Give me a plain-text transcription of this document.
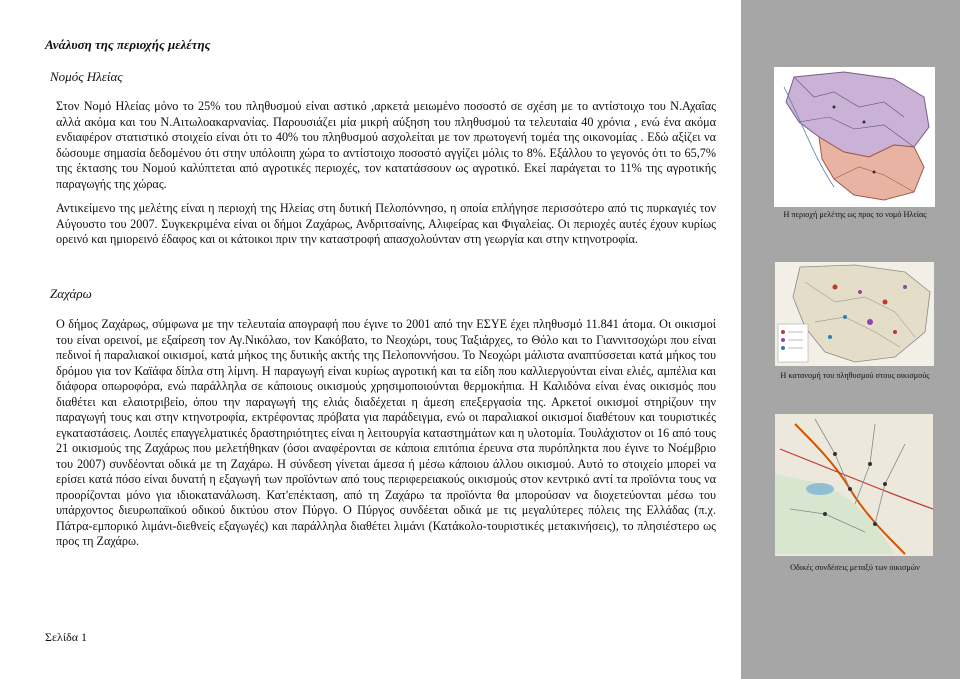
Ανάλυση της περιοχής μελέτης
Νομός Ηλείας

Στον Νομό Ηλείας μόνο το 25% του πληθυσμού είναι αστικό ,αρκετά μειωμένο ποσοστό σε σχέση με το αντίστοιχο του Ν.Αχαΐας αλλά ακόμα και του Ν.Αιτωλοακαρνανίας. Παρουσιάζει μία μικρή αύξηση του πληθυσμού τα τελευταία 40 χρόνια , ενώ ένα ακόμα ενδιαφέρον στατιστικό στοιχείο είναι ότι το 40% του πληθυσμού ασχολείται με τον πρωτογενή τομέα της οικονομίας . Εδώ αξίζει να δώσουμε σημασία δεδομένου ότι στην υπόλοιπη χώρα το αντίστοιχο ποσοστό αγγίζει μόλις το 8%. Εξάλλου το γεγονός ότι το 65,7% της έκτασης του Νομού καλύπτεται από αγροτικές περιοχές, τον κατατάσσουν ως αγροτικό. Εκεί παράγεται το 11% της αγροτικής παραγωγής της χώρας.

Αντικείμενο της μελέτης είναι η περιοχή της Ηλείας στη δυτική Πελοπόννησο, η οποία επλήγησε περισσότερο από τις πυρκαγιές τον Αύγουστο του 2007. Συγκεκριμένα είναι οι δήμοι Ζαχάρως, Ανδριτσαίνης, Αλιφείρας και Φιγαλείας. Οι περιοχές αυτές έχουν κυρίως ορεινό και ημιορεινό έδαφος και οι κάτοικοι πριν την καταστροφή απασχολούνταν στη γεωργία και στην κτηνοτροφία.

Ζαχάρω

Ο δήμος Ζαχάρως, σύμφωνα με την τελευταία απογραφή που έγινε το 2001 από την ΕΣΥΕ έχει πληθυσμό 11.841 άτομα. Οι οικισμοί του είναι ορεινοί, με εξαίρεση τον Αγ.Νικόλαο, τον Κακόβατο, το Νεοχώρι, τους Ταξιάρχες, το Θόλο και το Γιαννιτσοχώρι που είναι πεδινοί ή παραλιακοί οικισμοί, κατά μήκος της δυτικής ακτής της Πελοποννήσου. Το Νεοχώρι μάλιστα αναπτύσσεται κατά μήκος του δρόμου για τον Καϊάφα δίπλα στη λίμνη. Η παραγωγή είναι κυρίως αγροτική και τα είδη που καλλιεργούνται είναι ελιές, αμπέλια και διάφορα οπωροφόρα, ενώ παράλληλα σε κάποιους οικισμούς χρησιμοποιούνται θερμοκήπια. Η Καλιδόνα είναι ένας οικισμός που διαθέτει και ελαιοτριβείο, όπου την παραγωγή της ελιάς διαδέχεται η άμεση επεξεργασία της. Αρκετοί οικισμοί στηρίζουν την παραγωγή τους και στην κτηνοτροφία, εκτρέφοντας πρόβατα για παράδειγμα, ενώ οι παραλιακοί οικισμοί διαθέτουν και τουριστικές εγκαταστάσεις. Λοιπές επαγγελματικές δραστηριότητες είναι η λειτουργία καταστημάτων και η υλοτομία. Τουλάχιστον οι 16 από τους 21 οικισμούς της Ζαχάρως που μελετήθηκαν (όσοι αναφέρονται σε κάποια επιτόπια έρευνα στα πυρόπληκτα που έγινε το Νοέμβριο του 2007) συνδέονται οδικά με τη Ζαχάρω. Η σύνδεση γίνεται άμεσα ή μέσω κάποιου άλλου οικισμού. Αυτό το στοιχείο μπορεί να ερίσει κατά πόσο είναι δυνατή η εξαγωγή των προϊόντων από τους περιφερειακούς οικισμούς στον κεντρικό αντί τα προϊόντα τους να προορίζονται μόνο για ιδιοκατανάλωση. Κατ'επέκταση, από τη Ζαχάρω τα προϊόντα θα μπορούσαν να διοχετεύονται μέσω του υπάρχοντος διευρωπαϊκού οδικού δικτύου στον Πύργο. Ο Πύργος συνδέεται οδικά με τις μεγαλύτερες πόλεις της Ελλάδας (π.χ. Πάτρα-εμπορικό λιμάνι-διεθνείς εξαγωγές) και παράλληλα διαθέτει λιμάνι (Κατάκολο-τουριστικές μετακινήσεις), το πλησιέστερο ως προς τη Ζαχάρω.

Σελίδα 1
Η περιοχή μελέτης ως προς το νομό Ηλείας
Η κατανομή του πληθυσμού στους οικισμούς
Οδικές συνδέσεις μεταξύ των οικισμών
